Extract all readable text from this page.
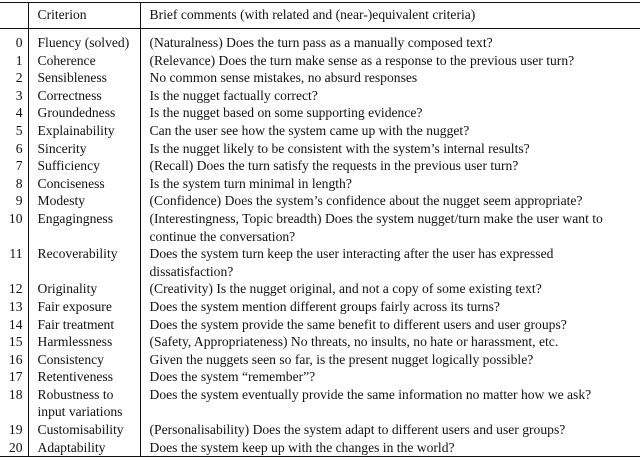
	Criterion	Brief comments (with related and (near-)equivalent criteria)
0	Fluency (solved)	(Naturalness) Does the turn pass as a manually composed text?
1	Coherence	(Relevance) Does the turn make sense as a response to the previous user turn?
2	Sensibleness	No common sense mistakes, no absurd responses
3	Correctness	Is the nugget factually correct?
4	Groundedness	Is the nugget based on some supporting evidence?
5	Explainability	Can the user see how the system came up with the nugget?
6	Sincerity	Is the nugget likely to be consistent with the system’s internal results?
7	Sufficiency	(Recall) Does the turn satisfy the requests in the previous user turn?
8	Conciseness	Is the system turn minimal in length?
9	Modesty	(Confidence) Does the system’s confidence about the nugget seem appropriate?
10	Engagingness	(Interestingness, Topic breadth) Does the system nugget/turn make the user want to continue the conversation?
11	Recoverability	Does the system turn keep the user interacting after the user has expressed dissatisfaction?
12	Originality	(Creativity) Is the nugget original, and not a copy of some existing text?
13	Fair exposure	Does the system mention different groups fairly across its turns?
14	Fair treatment	Does the system provide the same benefit to different users and user groups?
15	Harmlessness	(Safety, Appropriateness) No threats, no insults, no hate or harassment, etc.
16	Consistency	Given the nuggets seen so far, is the present nugget logically possible?
17	Retentiveness	Does the system “remember”?
18	Robustness to input variations	Does the system eventually provide the same information no matter how we ask?
19	Customisability	(Personalisability) Does the system adapt to different users and user groups?
20	Adaptability	Does the system keep up with the changes in the world?
